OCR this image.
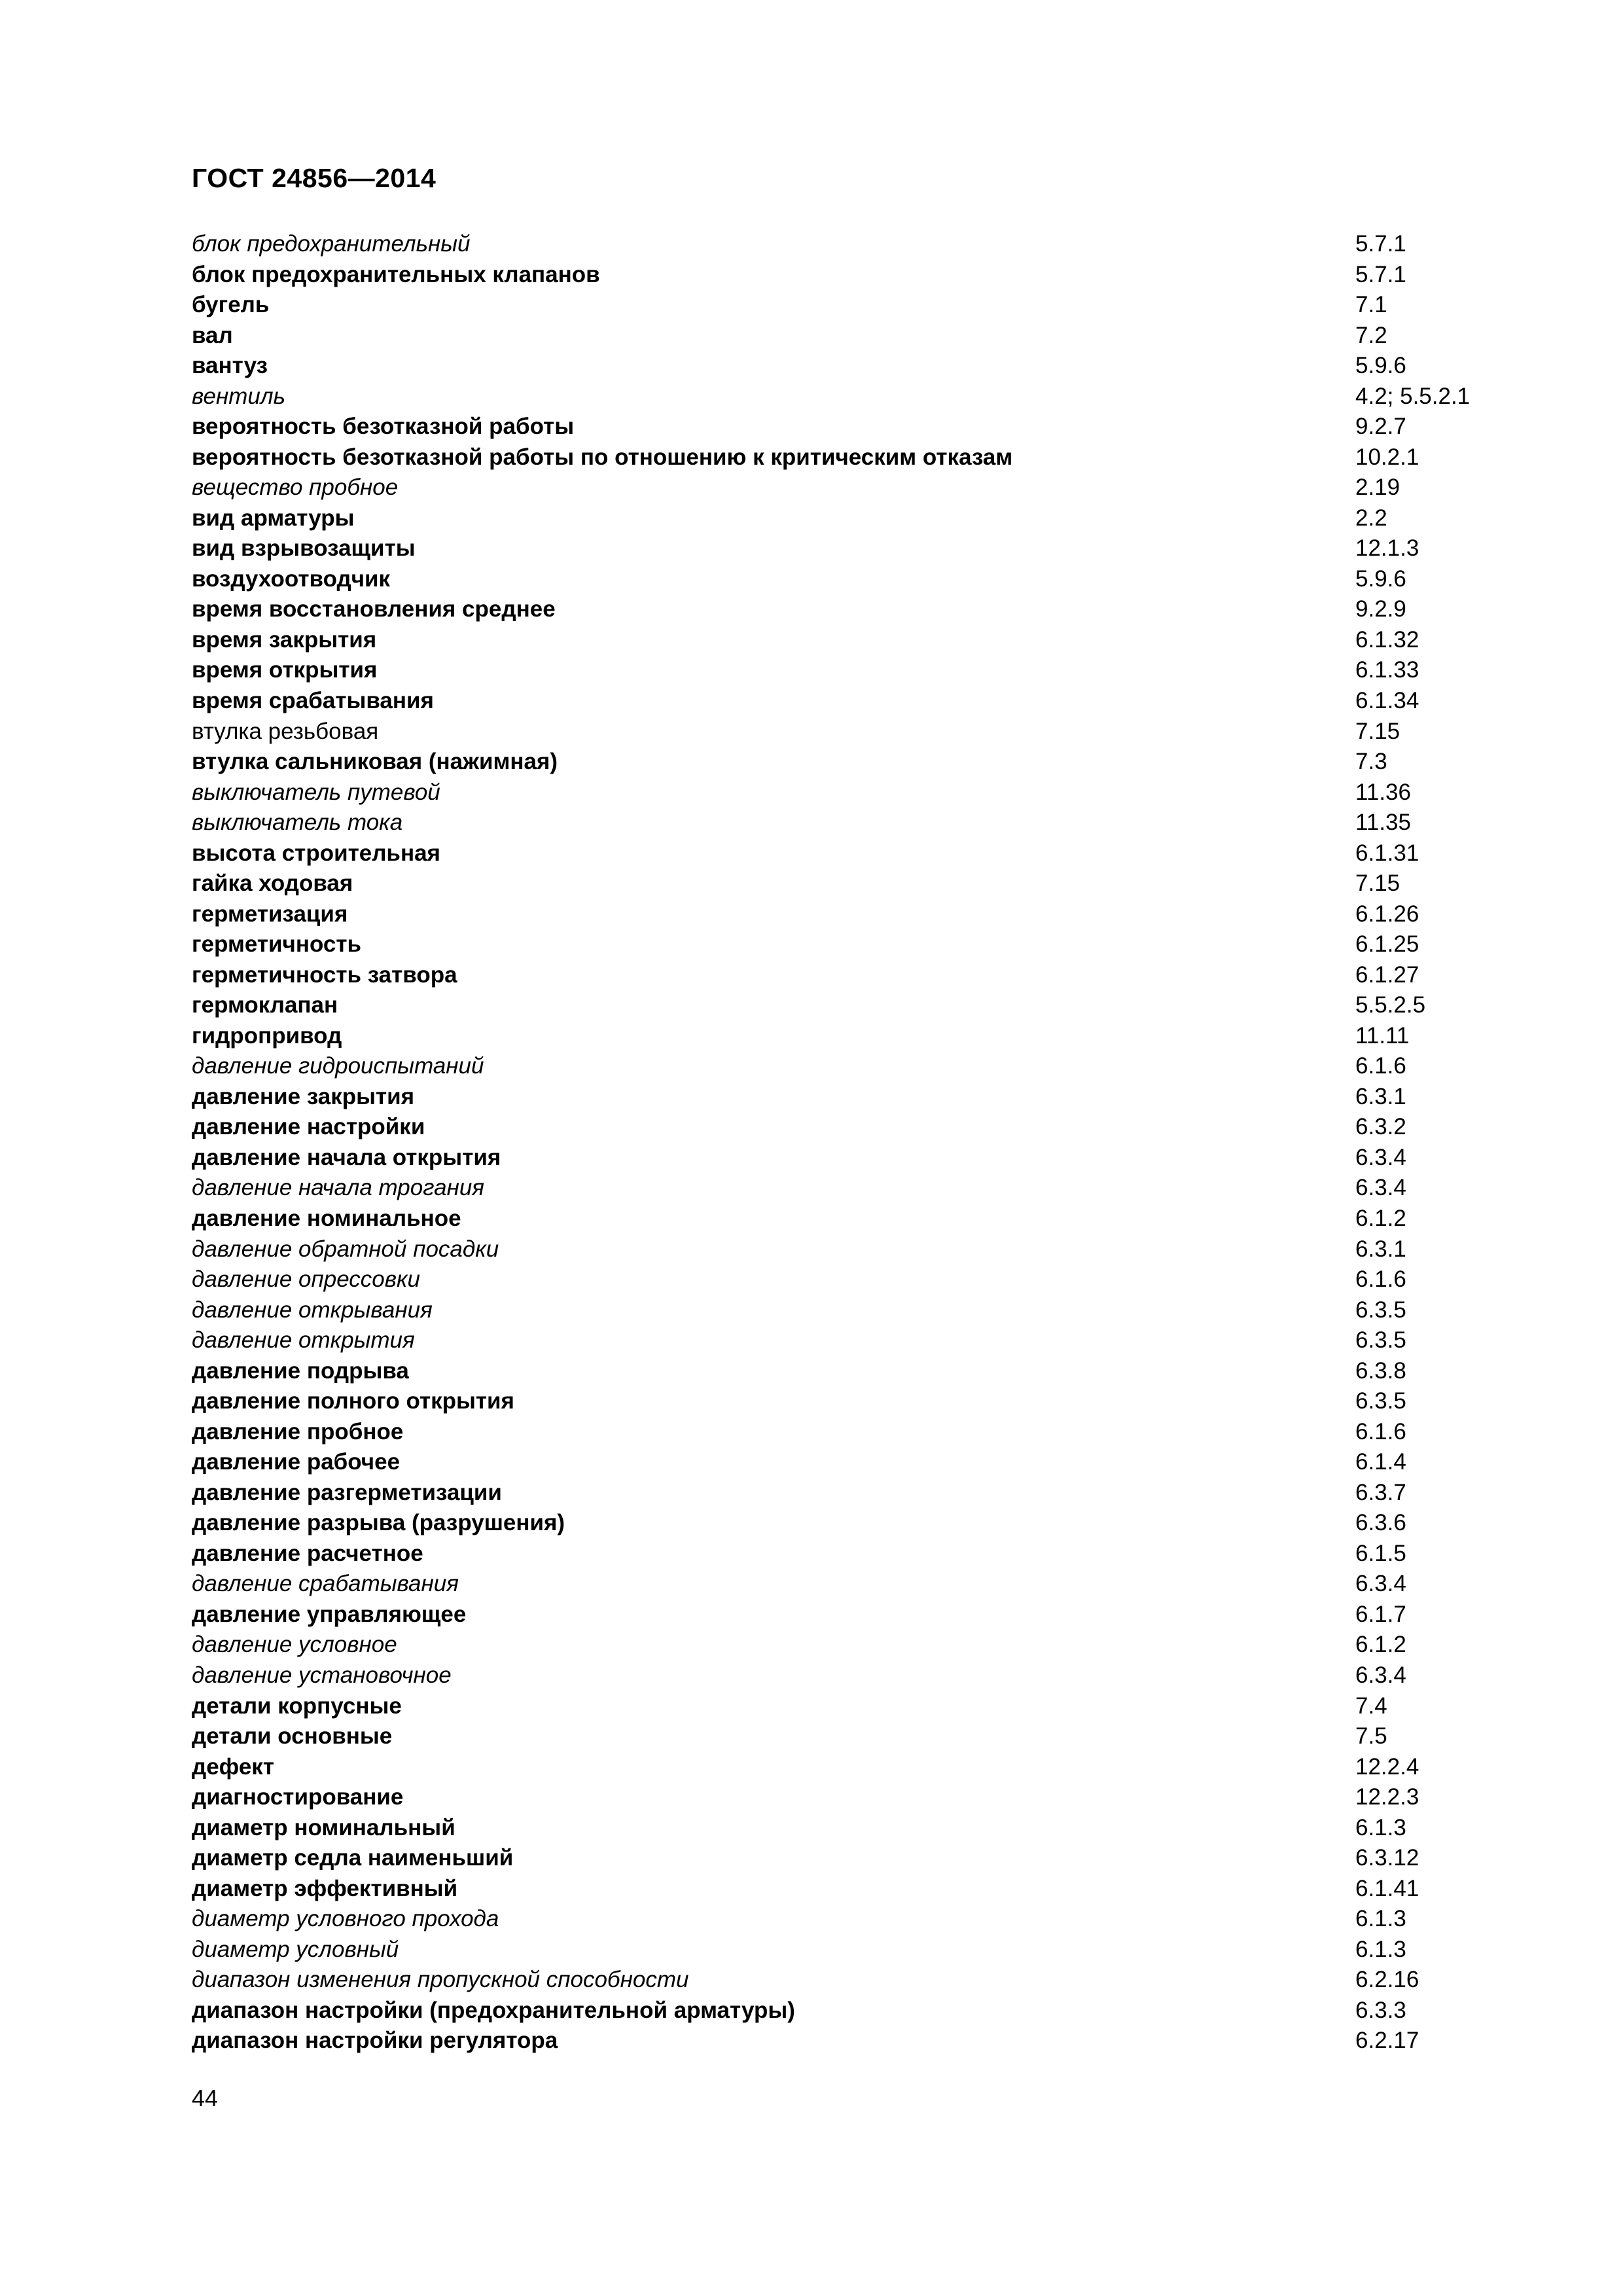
ГОСТ 24856—2014
блок предохранительный	5.7.1
блок предохранительных клапанов	5.7.1
бугель	7.1
вал	7.2
вантуз	5.9.6
вентиль	4.2; 5.5.2.1
вероятность безотказной работы	9.2.7
вероятность безотказной работы по отношению к критическим отказам	10.2.1
вещество пробное	2.19
вид арматуры	2.2
вид взрывозащиты	12.1.3
воздухоотводчик	5.9.6
время восстановления среднее	9.2.9
время закрытия	6.1.32
время открытия	6.1.33
время срабатывания	6.1.34
втулка резьбовая	7.15
втулка сальниковая (нажимная)	7.3
выключатель путевой	11.36
выключатель тока	11.35
высота строительная	6.1.31
гайка ходовая	7.15
герметизация	6.1.26
герметичность	6.1.25
герметичность затвора	6.1.27
гермоклапан	5.5.2.5
гидропривод	11.11
давление гидроиспытаний	6.1.6
давление закрытия	6.3.1
давление настройки	6.3.2
давление начала открытия	6.3.4
давление начала трогания	6.3.4
давление номинальное	6.1.2
давление обратной посадки	6.3.1
давление опрессовки	6.1.6
давление открывания	6.3.5
давление открытия	6.3.5
давление подрыва	6.3.8
давление полного открытия	6.3.5
давление пробное	6.1.6
давление рабочее	6.1.4
давление разгерметизации	6.3.7
давление разрыва (разрушения)	6.3.6
давление расчетное	6.1.5
давление срабатывания	6.3.4
давление управляющее	6.1.7
давление условное	6.1.2
давление установочное	6.3.4
детали корпусные	7.4
детали основные	7.5
дефект	12.2.4
диагностирование	12.2.3
диаметр номинальный	6.1.3
диаметр седла наименьший	6.3.12
диаметр эффективный	6.1.41
диаметр условного прохода	6.1.3
диаметр условный	6.1.3
диапазон изменения пропускной способности	6.2.16
диапазон настройки (предохранительной арматуры)	6.3.3
диапазон настройки регулятора	6.2.17
44
